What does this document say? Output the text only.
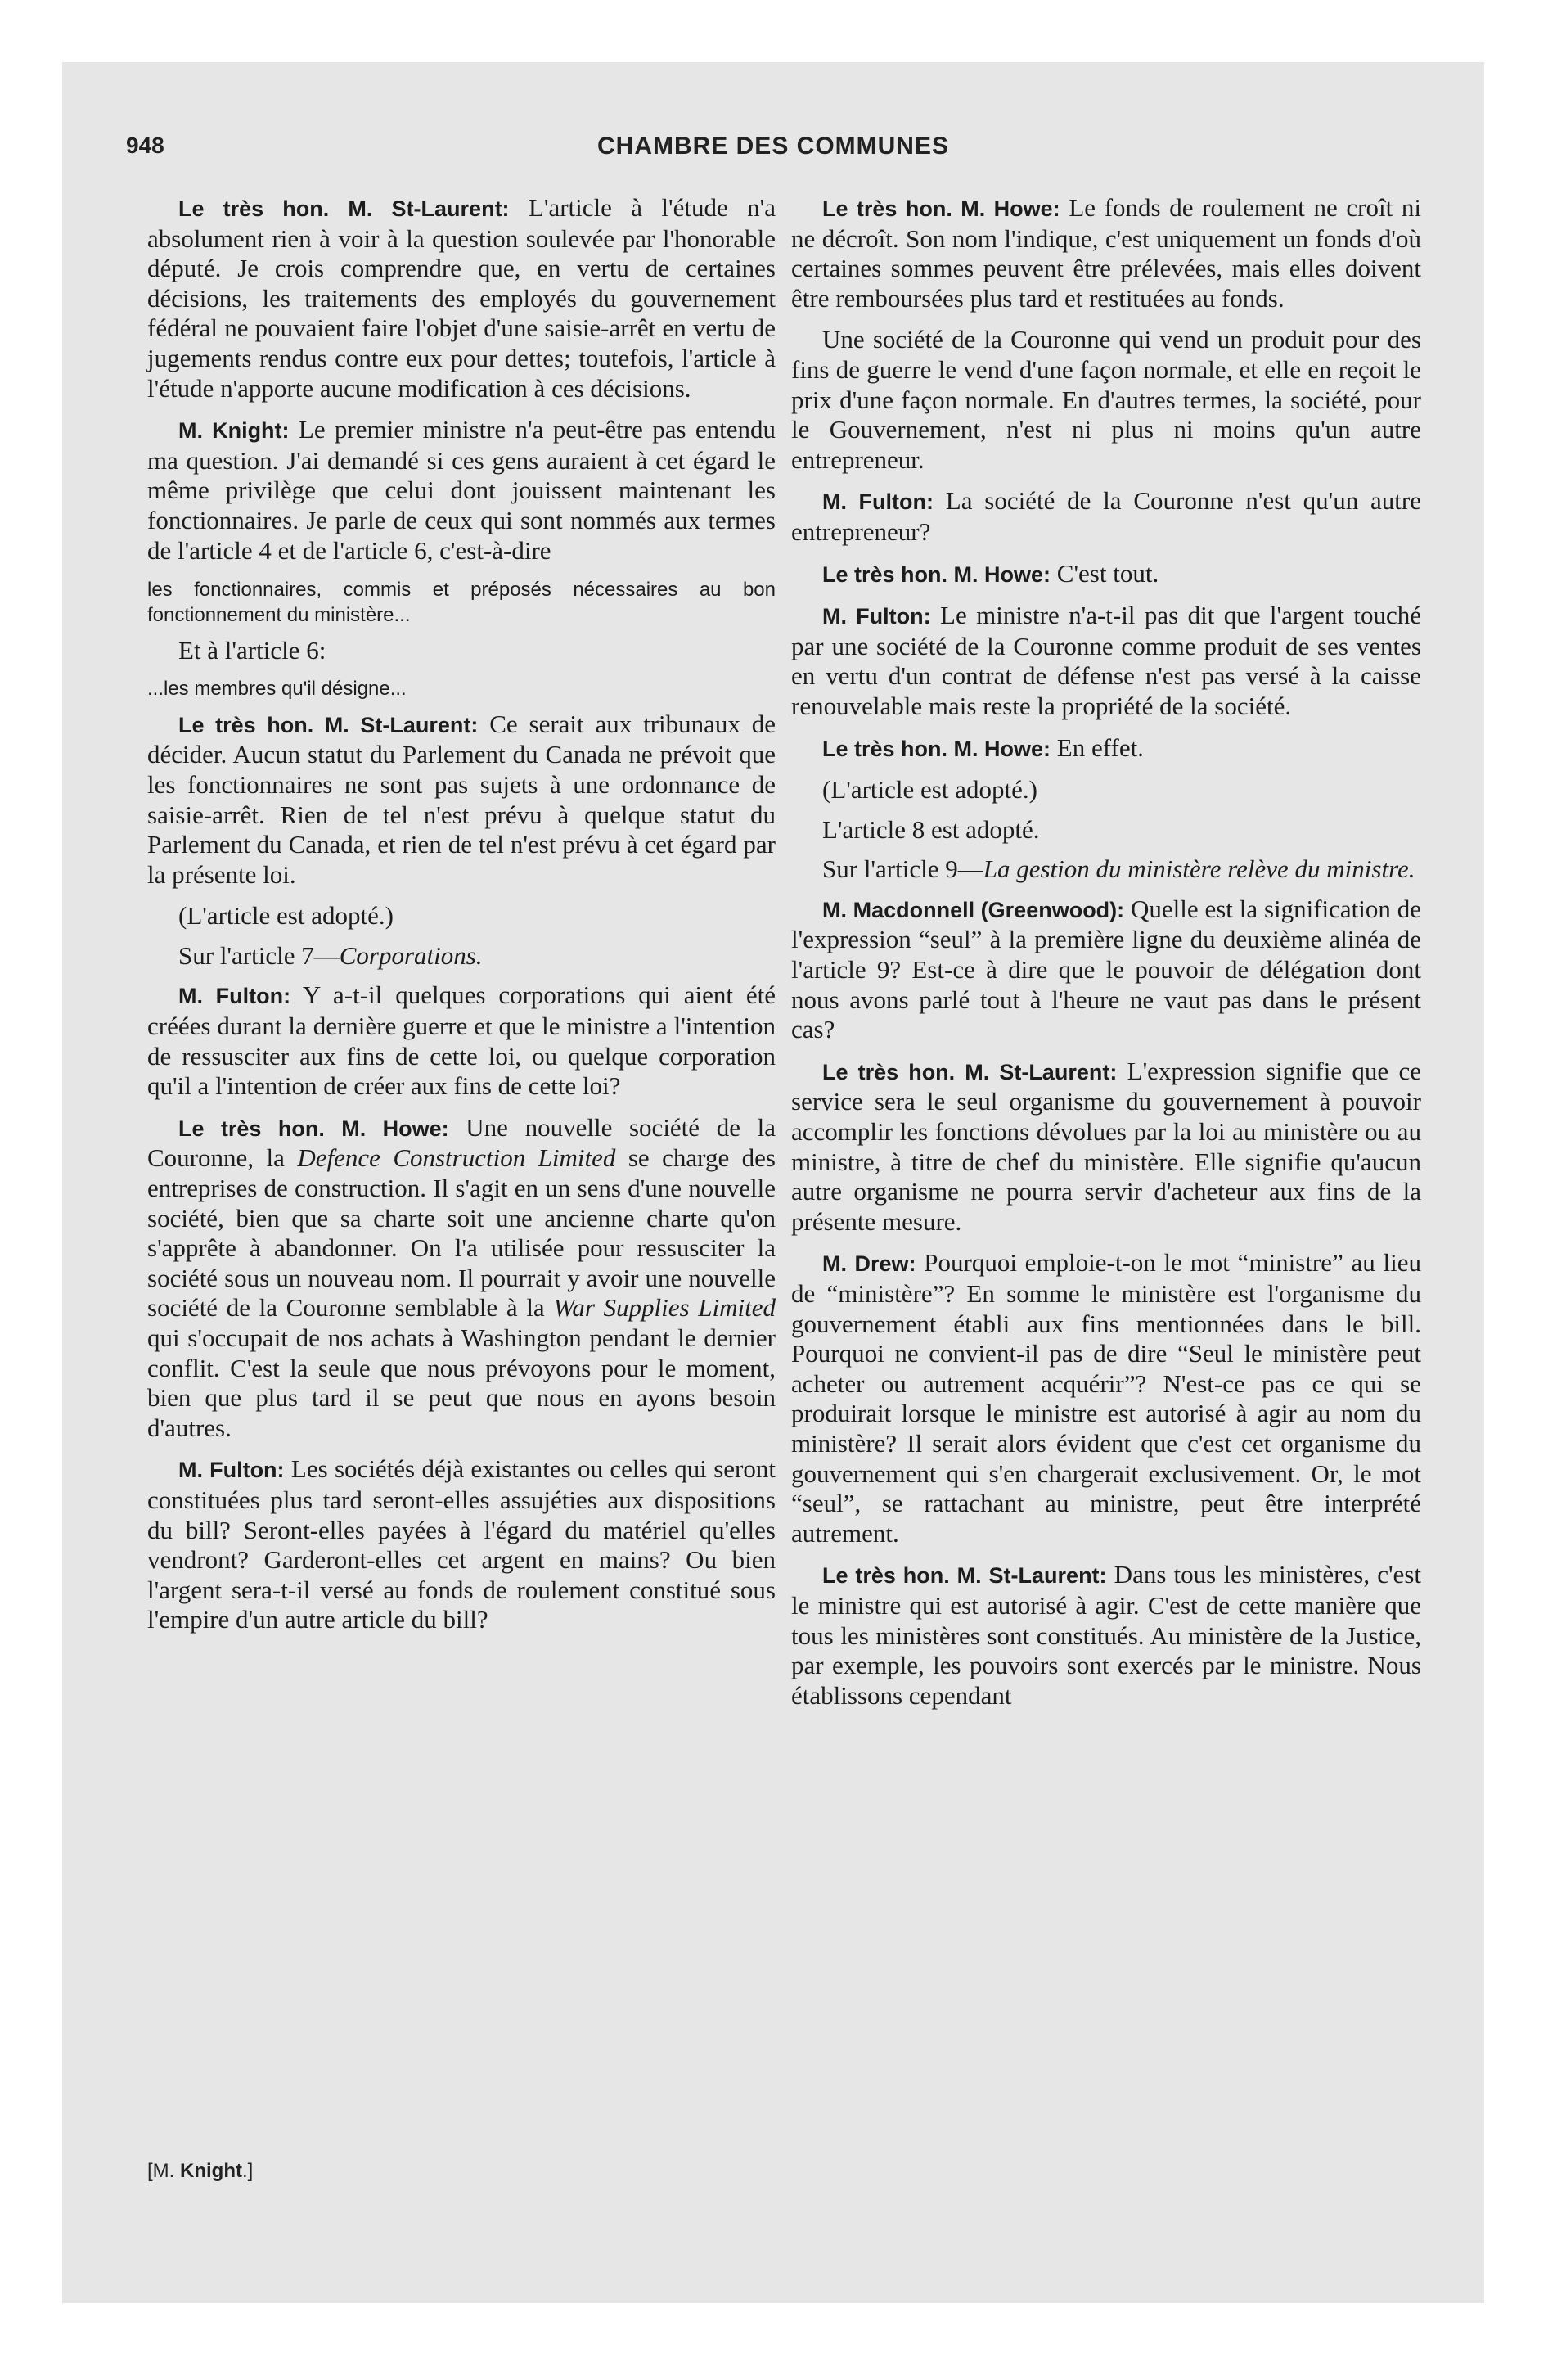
948	CHAMBRE DES COMMUNES

Le très hon. M. St-Laurent: L'article à l'étude n'a absolument rien à voir à la question soulevée par l'honorable député. Je crois comprendre que, en vertu de certaines décisions, les traitements des employés du gouvernement fédéral ne pouvaient faire l'objet d'une saisie-arrêt en vertu de jugements rendus contre eux pour dettes; toutefois, l'article à l'étude n'apporte aucune modification à ces décisions.

M. Knight: Le premier ministre n'a peut-être pas entendu ma question. J'ai demandé si ces gens auraient à cet égard le même privilège que celui dont jouissent maintenant les fonctionnaires. Je parle de ceux qui sont nommés aux termes de l'article 4 et de l'article 6, c'est-à-dire

les fonctionnaires, commis et préposés nécessaires au bon fonctionnement du ministère...

Et à l'article 6:

...les membres qu'il désigne...

Le très hon. M. St-Laurent: Ce serait aux tribunaux de décider. Aucun statut du Parlement du Canada ne prévoit que les fonctionnaires ne sont pas sujets à une ordonnance de saisie-arrêt. Rien de tel n'est prévu à quelque statut du Parlement du Canada, et rien de tel n'est prévu à cet égard par la présente loi.

(L'article est adopté.)

Sur l'article 7—Corporations.

M. Fulton: Y a-t-il quelques corporations qui aient été créées durant la dernière guerre et que le ministre a l'intention de ressusciter aux fins de cette loi, ou quelque corporation qu'il a l'intention de créer aux fins de cette loi?

Le très hon. M. Howe: Une nouvelle société de la Couronne, la Defence Construction Limited se charge des entreprises de construction. Il s'agit en un sens d'une nouvelle société, bien que sa charte soit une ancienne charte qu'on s'apprête à abandonner. On l'a utilisée pour ressusciter la société sous un nouveau nom. Il pourrait y avoir une nouvelle société de la Couronne semblable à la War Supplies Limited qui s'occupait de nos achats à Washington pendant le dernier conflit. C'est la seule que nous prévoyons pour le moment, bien que plus tard il se peut que nous en ayons besoin d'autres.

M. Fulton: Les sociétés déjà existantes ou celles qui seront constituées plus tard seront-elles assujéties aux dispositions du bill? Seront-elles payées à l'égard du matériel qu'elles vendront? Garderont-elles cet argent en mains? Ou bien l'argent sera-t-il versé au fonds de roulement constitué sous l'empire d'un autre article du bill?

Le très hon. M. Howe: Le fonds de roulement ne croît ni ne décroît. Son nom l'indique, c'est uniquement un fonds d'où certaines sommes peuvent être prélevées, mais elles doivent être remboursées plus tard et restituées au fonds.

Une société de la Couronne qui vend un produit pour des fins de guerre le vend d'une façon normale, et elle en reçoit le prix d'une façon normale. En d'autres termes, la société, pour le Gouvernement, n'est ni plus ni moins qu'un autre entrepreneur.

M. Fulton: La société de la Couronne n'est qu'un autre entrepreneur?

Le très hon. M. Howe: C'est tout.

M. Fulton: Le ministre n'a-t-il pas dit que l'argent touché par une société de la Couronne comme produit de ses ventes en vertu d'un contrat de défense n'est pas versé à la caisse renouvelable mais reste la propriété de la société.

Le très hon. M. Howe: En effet.

(L'article est adopté.)

L'article 8 est adopté.

Sur l'article 9—La gestion du ministère relève du ministre.

M. Macdonnell (Greenwood): Quelle est la signification de l'expression “seul” à la première ligne du deuxième alinéa de l'article 9? Est-ce à dire que le pouvoir de délégation dont nous avons parlé tout à l'heure ne vaut pas dans le présent cas?

Le très hon. M. St-Laurent: L'expression signifie que ce service sera le seul organisme du gouvernement à pouvoir accomplir les fonctions dévolues par la loi au ministère ou au ministre, à titre de chef du ministère. Elle signifie qu'aucun autre organisme ne pourra servir d'acheteur aux fins de la présente mesure.

M. Drew: Pourquoi emploie-t-on le mot “ministre” au lieu de “ministère”? En somme le ministère est l'organisme du gouvernement établi aux fins mentionnées dans le bill. Pourquoi ne convient-il pas de dire “Seul le ministère peut acheter ou autrement acquérir”? N'est-ce pas ce qui se produirait lorsque le ministre est autorisé à agir au nom du ministère? Il serait alors évident que c'est cet organisme du gouvernement qui s'en chargerait exclusivement. Or, le mot “seul”, se rattachant au ministre, peut être interprété autrement.

Le très hon. M. St-Laurent: Dans tous les ministères, c'est le ministre qui est autorisé à agir. C'est de cette manière que tous les ministères sont constitués. Au ministère de la Justice, par exemple, les pouvoirs sont exercés par le ministre. Nous établissons cependant

[M. Knight.]
